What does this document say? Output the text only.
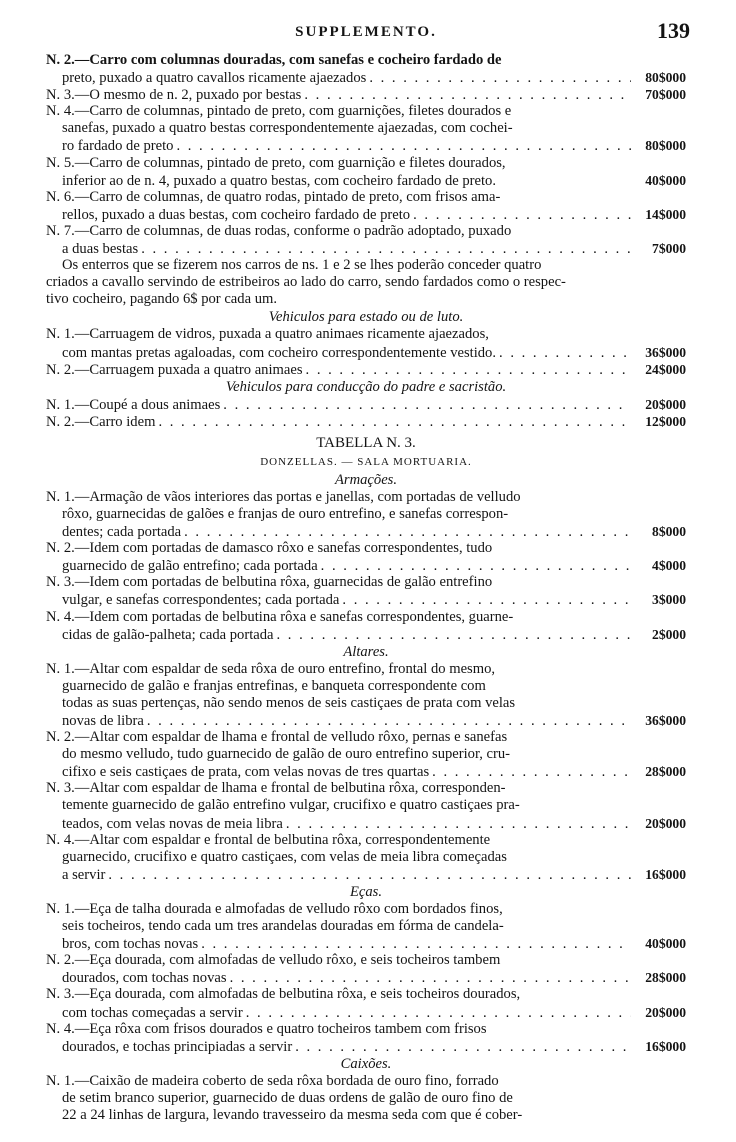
SUPPLEMENTO.	139
N. 2.—Carro com columnas douradas, com sanefas e cocheiro fardado de
preto, puxado a quatro cavallos ricamente ajaezados . . .	80$000
N. 3.—O mesmo de n. 2, puxado por bestas . . .	70$000
N. 4.—Carro de columnas, pintado de preto, com guarnições, filetes dourados e
sanefas, puxado a quatro bestas correspondentemente ajaezadas, com cochei-
ro fardado de preto . . .	80$000
N. 5.—Carro de columnas, pintado de preto, com guarnição e filetes dourados,
inferior ao de n. 4, puxado a quatro bestas, com cocheiro fardado de preto.	40$000
N. 6.—Carro de columnas, de quatro rodas, pintado de preto, com frisos ama-
rellos, puxado a duas bestas, com cocheiro fardado de preto . . .	14$000
N. 7.—Carro de columnas, de duas rodas, conforme o padrão adoptado, puxado
a duas bestas . . .	7$000
Os enterros que se fizerem nos carros de ns. 1 e 2 se lhes poderão conceder quatro
criados a cavallo servindo de estribeiros ao lado do carro, sendo fardados como o respec-
tivo cocheiro, pagando 6$ por cada um.
Vehiculos para estado ou de luto.
N. 1.—Carruagem de vidros, puxada a quatro animaes ricamente ajaezados,
com mantas pretas agaloadas, com cocheiro correspondentemente vestido. . . .	36$000
N. 2.—Carruagem puxada a quatro animaes . . .	24$000
Vehiculos para conducção do padre e sacristão.
N. 1.—Coupé a dous animaes . . .	20$000
N. 2.—Carro idem . . .	12$000
TABELLA N. 3.
DONZELLAS. — SALA MORTUARIA.
Armações.
N. 1.—Armação de vãos interiores das portas e janellas, com portadas de velludo
rôxo, guarnecidas de galões e franjas de ouro entrefino, e sanefas correspon-
dentes; cada portada . . .	8$000
N. 2.—Idem com portadas de damasco rôxo e sanefas correspondentes, tudo
guarnecido de galão entrefino; cada portada . . .	4$000
N. 3.—Idem com portadas de belbutina rôxa, guarnecidas de galão entrefino
vulgar, e sanefas correspondentes; cada portada . . .	3$000
N. 4.—Idem com portadas de belbutina rôxa e sanefas correspondentes, guarne-
cidas de galão-palheta; cada portada . . .	2$000
Altares.
N. 1.—Altar com espaldar de seda rôxa de ouro entrefino, frontal do mesmo,
guarnecido de galão e franjas entrefinas, e banqueta correspondente com
todas as suas pertenças, não sendo menos de seis castiçaes de prata com velas
novas de libra . . .	36$000
N. 2.—Altar com espaldar de lhama e frontal de velludo rôxo, pernas e sanefas
do mesmo velludo, tudo guarnecido de galão de ouro entrefino superior, cru-
cifixo e seis castiçaes de prata, com velas novas de tres quartas . . .	28$000
N. 3.—Altar com espaldar de lhama e frontal de belbutina rôxa, corresponden-
temente guarnecido de galão entrefino vulgar, crucifixo e quatro castiçaes pra-
teados, com velas novas de meia libra . . .	20$000
N. 4.—Altar com espaldar e frontal de belbutina rôxa, correspondentemente
guarnecido, crucifixo e quatro castiçaes, com velas de meia libra começadas
a servir . . .	16$000
Eças.
N. 1.—Eça de talha dourada e almofadas de velludo rôxo com bordados finos,
seis tocheiros, tendo cada um tres arandelas douradas em fórma de candela-
bros, com tochas novas . . .	40$000
N. 2.—Eça dourada, com almofadas de velludo rôxo, e seis tocheiros tambem
dourados, com tochas novas . . .	28$000
N. 3.—Eça dourada, com almofadas de belbutina rôxa, e seis tocheiros dourados,
com tochas começadas a servir . . .	20$000
N. 4.—Eça rôxa com frisos dourados e quatro tocheiros tambem com frisos
dourados, e tochas principiadas a servir . . .	16$000
Caixões.
N. 1.—Caixão de madeira coberto de seda rôxa bordada de ouro fino, forrado
de setim branco superior, guarnecido de duas ordens de galão de ouro fino de
22 a 24 linhas de largura, levando travesseiro da mesma seda com que é cober-
